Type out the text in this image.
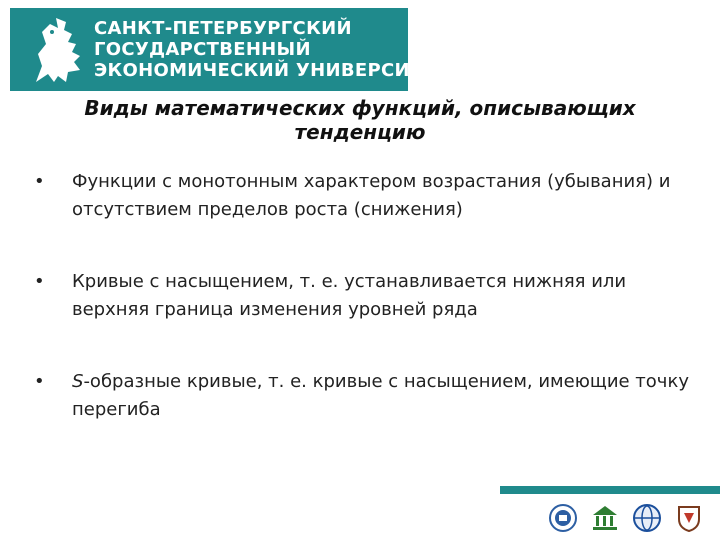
САНКТ-ПЕТЕРБУРГСКИЙ
ГОСУДАРСТВЕННЫЙ
ЭКОНОМИЧЕСКИЙ УНИВЕРСИТЕТ
Виды математических функций, описывающих тенденцию
• Функции с монотонным характером возрастания (убывания) и отсутствием пределов роста (снижения)
• Кривые с насыщением, т. е. устанавливается нижняя или верхняя граница изменения уровней ряда
• S-образные кривые, т. е. кривые с насыщением, имеющие точку перегиба
